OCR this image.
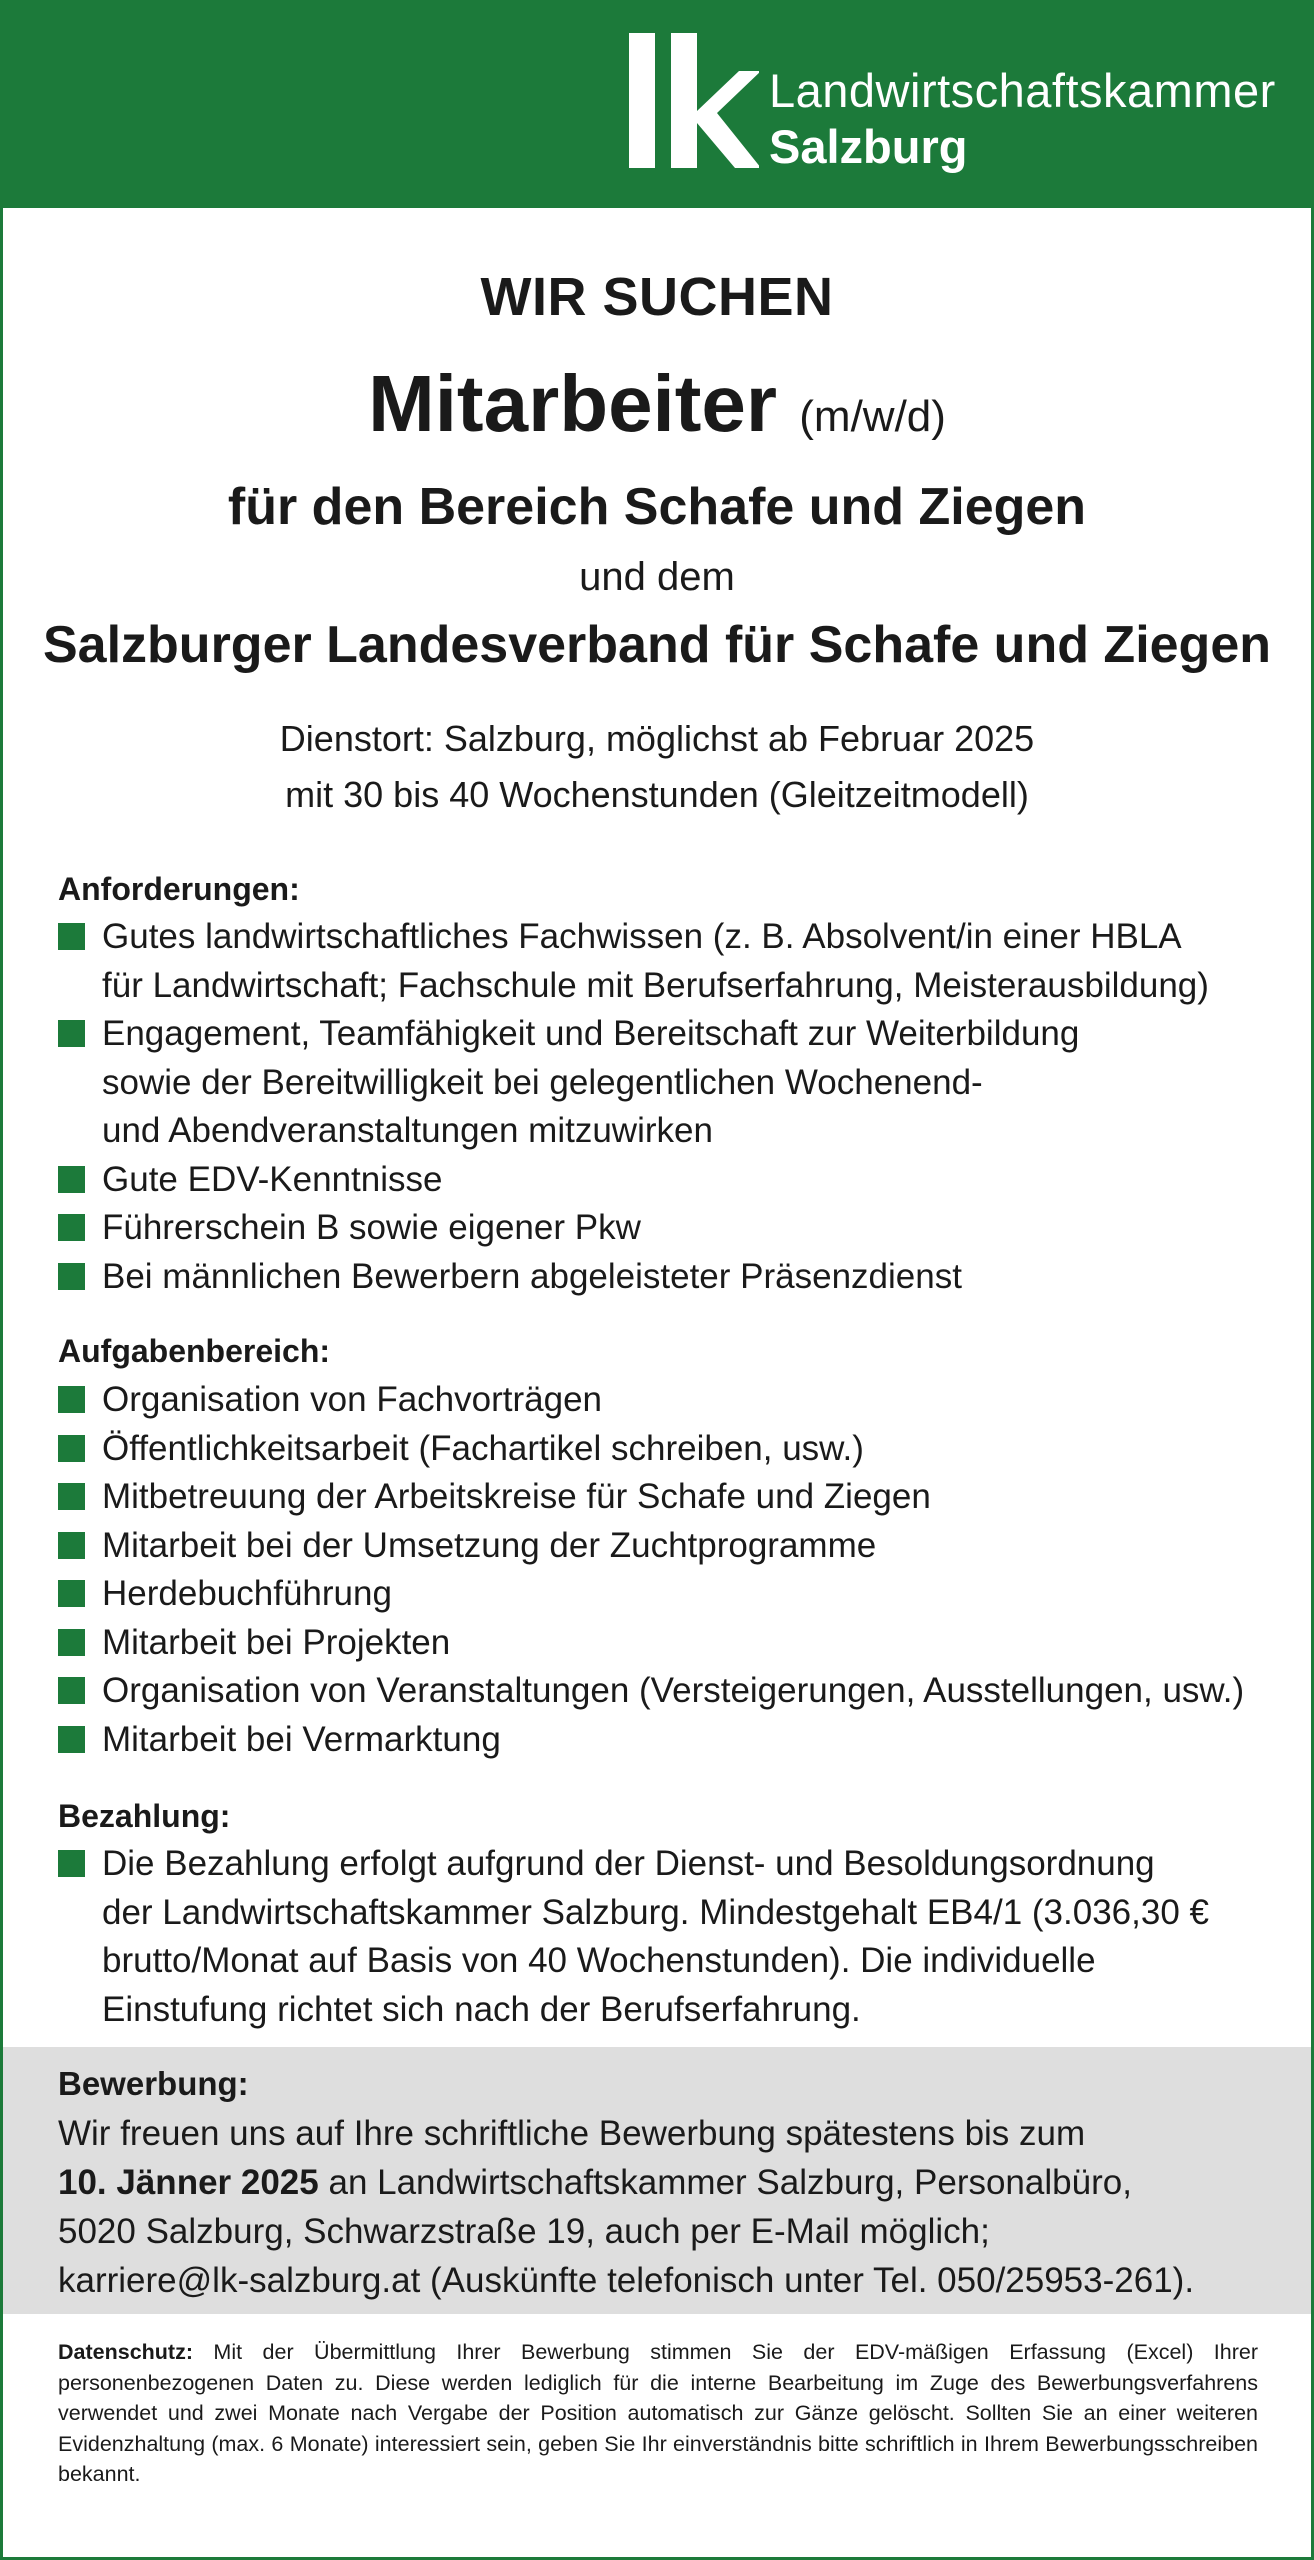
Landwirtschaftskammer
Salzburg
WIR SUCHEN
Mitarbeiter (m/w/d)
für den Bereich Schafe und Ziegen
und dem
Salzburger Landesverband für Schafe und Ziegen
Dienstort: Salzburg, möglichst ab Februar 2025
mit 30 bis 40 Wochenstunden (Gleitzeitmodell)
Anforderungen:
Gutes landwirtschaftliches Fachwissen (z. B. Absolvent/in einer HBLA
für Landwirtschaft; Fachschule mit Berufserfahrung, Meisterausbildung)
Engagement, Teamfähigkeit und Bereitschaft zur Weiterbildung
sowie der Bereitwilligkeit bei gelegentlichen Wochenend-
und Abendveranstaltungen mitzuwirken
Gute EDV-Kenntnisse
Führerschein B sowie eigener Pkw
Bei männlichen Bewerbern abgeleisteter Präsenzdienst
Aufgabenbereich:
Organisation von Fachvorträgen
Öffentlichkeitsarbeit (Fachartikel schreiben, usw.)
Mitbetreuung der Arbeitskreise für Schafe und Ziegen
Mitarbeit bei der Umsetzung der Zuchtprogramme
Herdebuchführung
Mitarbeit bei Projekten
Organisation von Veranstaltungen (Versteigerungen, Ausstellungen, usw.)
Mitarbeit bei Vermarktung
Bezahlung:
Die Bezahlung erfolgt aufgrund der Dienst- und Besoldungsordnung
der Landwirtschaftskammer Salzburg. Mindestgehalt EB4/1 (3.036,30 €
brutto/Monat auf Basis von 40 Wochenstunden). Die individuelle
Einstufung richtet sich nach der Berufserfahrung.
Bewerbung:
Wir freuen uns auf Ihre schriftliche Bewerbung spätestens bis zum
10. Jänner 2025 an Landwirtschaftskammer Salzburg, Personalbüro,
5020 Salzburg, Schwarzstraße 19, auch per E-Mail möglich;
karriere@lk-salzburg.at (Auskünfte telefonisch unter Tel. 050/25953-261).
Datenschutz: Mit der Übermittlung Ihrer Bewerbung stimmen Sie der EDV-mäßigen Erfassung (Excel) Ihrer personenbezogenen Daten zu. Diese werden lediglich für die interne Bearbeitung im Zuge des Bewerbungsverfahrens verwendet und zwei Monate nach Vergabe der Position automatisch zur Gänze gelöscht. Sollten Sie an einer weiteren Evidenzhaltung (max. 6 Monate) interessiert sein, geben Sie Ihr einverständnis bitte schriftlich in Ihrem Bewerbungsschreiben bekannt.
